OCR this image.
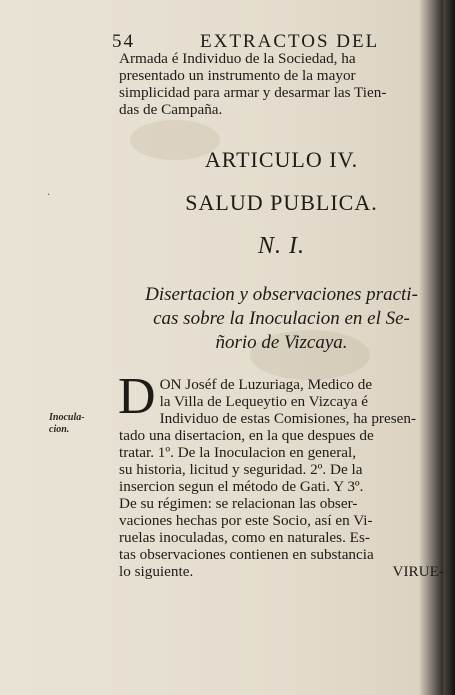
54	EXTRACTOS DEL
Armada é Individuo de la Sociedad, ha
presentado un instrumento de la mayor
simplicidad para armar y desarmar las Tien-
das de Campaña.
·
ARTICULO IV.
SALUD PUBLICA.
N. I.
Disertacion y observaciones practi-
cas sobre la Inoculacion en el Se-
ñorio de Vizcaya.
Inocula-
cion.
D ON Joséf de Luzuriaga, Medico de
la Villa de Lequeytio en Vizcaya é
Individuo de estas Comisiones, ha presen-
tado una disertacion, en la que despues de
tratar. 1º. De la Inoculacion en general,
su historia, licitud y seguridad. 2º. De la
insercion segun el método de Gati. Y 3º.
De su régimen: se relacionan las obser-
vaciones hechas por este Socio, así en Vi-
ruelas inoculadas, como en naturales. Es-
tas observaciones contienen en substancia
lo siguiente.	VIRUE-
